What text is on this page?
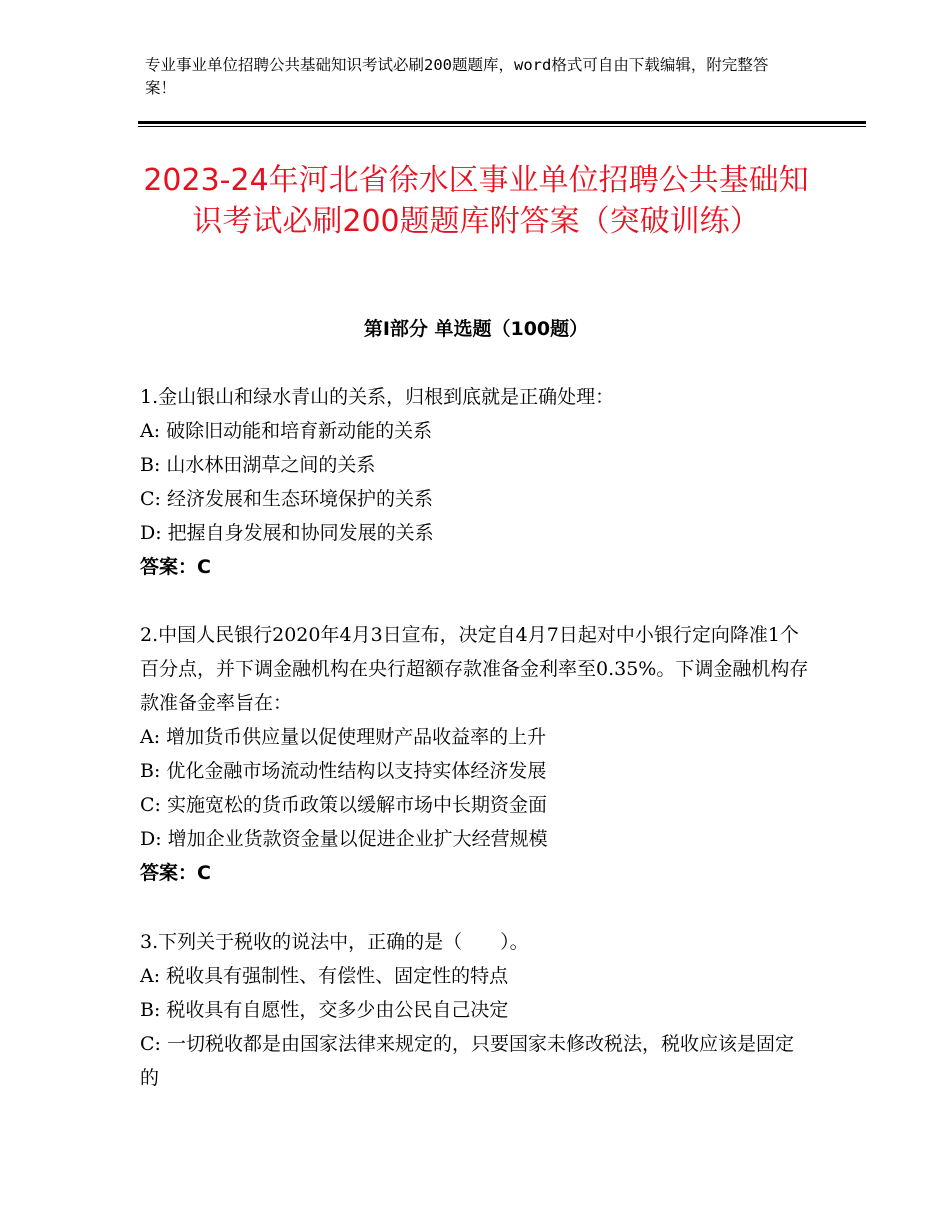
专业事业单位招聘公共基础知识考试必刷200题题库，word格式可自由下载编辑，附完整答案！
2023-24年河北省徐水区事业单位招聘公共基础知识考试必刷200题题库附答案（突破训练）
第Ⅰ部分 单选题（100题）
1.金山银山和绿水青山的关系，归根到底就是正确处理：
A: 破除旧动能和培育新动能的关系
B: 山水林田湖草之间的关系
C: 经济发展和生态环境保护的关系
D: 把握自身发展和协同发展的关系
答案：C
2.中国人民银行2020年4月3日宣布，决定自4月7日起对中小银行定向降准1个百分点，并下调金融机构在央行超额存款准备金利率至0.35%。下调金融机构存款准备金率旨在：
A: 增加货币供应量以促使理财产品收益率的上升
B: 优化金融市场流动性结构以支持实体经济发展
C: 实施宽松的货币政策以缓解市场中长期资金面
D: 增加企业货款资金量以促进企业扩大经营规模
答案：C
3.下列关于税收的说法中，正确的是（　　）。
A: 税收具有强制性、有偿性、固定性的特点
B: 税收具有自愿性，交多少由公民自己决定
C: 一切税收都是由国家法律来规定的，只要国家未修改税法，税收应该是固定的
